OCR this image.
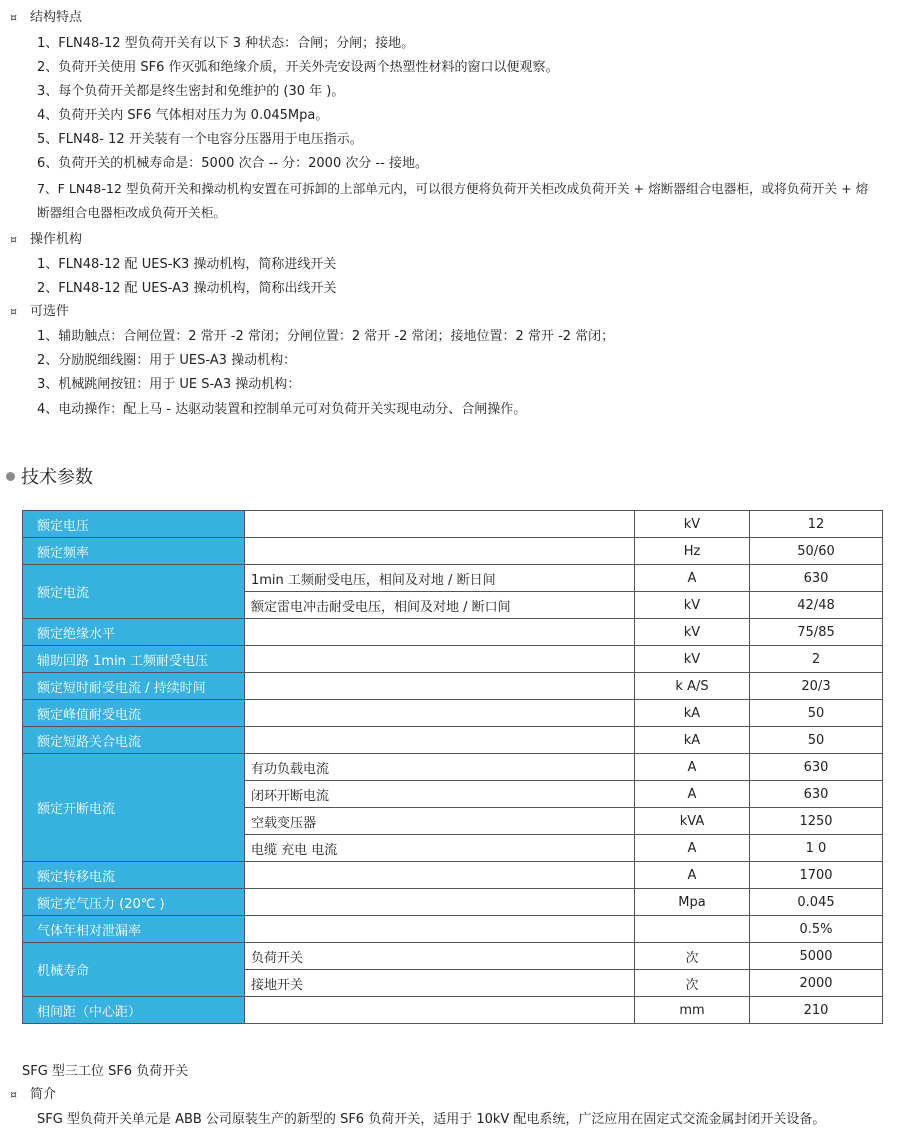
¤ 结构特点
1、FLN48-12 型负荷开关有以下 3 种状态：合闸；分闸；接地。
2、负荷开关使用 SF6 作灭弧和绝缘介质，开关外壳安设两个热塑性材料的窗口以便观察。
3、每个负荷开关都是终生密封和免维护的 (30 年 )。
4、负荷开关内 SF6 气体相对压力为 0.045Mpa。
5、FLN48- 12 开关装有一个电容分压器用于电压指示。
6、负荷开关的机械寿命是：5000 次合 -- 分：2000 次分 -- 接地。
7、F LN48-12 型负荷开关和操动机构安置在可拆卸的上部单元内，可以很方便将负荷开关柜改成负荷开关 + 熔断器组合电器柜，或将负荷开关 + 熔断器组合电器柜改成负荷开关柜。
¤ 操作机构
1、FLN48-12 配 UES-K3 操动机构，简称进线开关
2、FLN48-12 配 UES-A3 操动机构，简称出线开关
¤ 可选件
1、辅助触点：合闸位置：2 常开 -2 常闭；分闸位置：2 常开 -2 常闭；接地位置：2 常开 -2 常闭；
2、分励脱细线圈：用于 UES-A3 操动机构：
3、机械跳闸按钮：用于 UE S-A3 操动机构：
4、电动操作：配上马 - 达驱动装置和控制单元可对负荷开关实现电动分、合闸操作。
技术参数
额定电压		kV	12
额定频率		Hz	50/60
额定电流	1min 工频耐受电压，相间及对地 / 断日间	A	630
	额定雷电冲击耐受电压，相间及对地 / 断口间	kV	42/48
额定绝缘水平		kV	75/85
辅助回路 1min 工频耐受电压		kV	2
额定短时耐受电流 / 持续时间		k A/S	20/3
额定峰值耐受电流		kA	50
额定短路关合电流		kA	50
额定开断电流	有功负载电流	A	630
	闭环开断电流	A	630
	空载变压器	kVA	1250
	电缆 充电 电流	A	1 0
额定转移电流		A	1700
额定充气压力 (20℃ )		Mpa	0.045
气体年相对泄漏率			0.5%
机械寿命	负荷开关	次	5000
	接地开关	次	2000
相间距（中心距）		mm	210
SFG 型三工位 SF6 负荷开关
¤ 简介
SFG 型负荷开关单元是 ABB 公司原装生产的新型的 SF6 负荷开关，适用于 10kV 配电系统，广泛应用在固定式交流金属封闭开关设备。
